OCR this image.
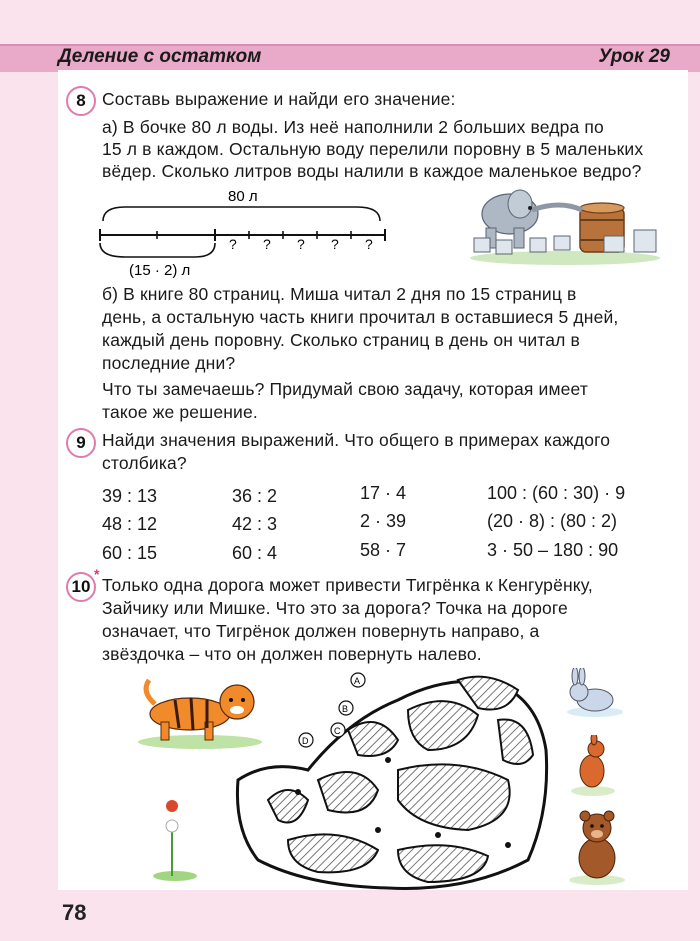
Деление с остатком	Урок 29
8 Составь выражение и найди его значение:
а) В бочке 80 л воды. Из неё наполнили 2 больших ведра по
15 л в каждом. Остальную воду перелили поровну в 5 маленьких
вёдер. Сколько литров воды налили в каждое маленькое ведро?
80 л
(15 · 2) л
? ? ? ? ?
б) В книге 80 страниц. Миша читал 2 дня по 15 страниц в
день, а остальную часть книги прочитал в оставшиеся 5 дней,
каждый день поровну. Сколько страниц в день он читал в
последние дни?
Что ты замечаешь? Придумай свою задачу, которая имеет
такое же решение.
9 Найди значения выражений. Что общего в примерах каждого
столбика?
39 : 13
48 : 12
60 : 15
36 : 2
42 : 3
60 : 4
17 · 4
2 · 39
58 · 7
100 : (60 : 30) · 9
(20 · 8) : (80 : 2)
3 · 50 – 180 : 90
10
*
Только одна дорога может привести Тигрёнка к Кенгурёнку,
Зайчику или Мишке. Что это за дорога? Точка на дороге
означает, что Тигрёнок должен повернуть направо, а
звёздочка – что он должен повернуть налево.
A
B
C
D
78
